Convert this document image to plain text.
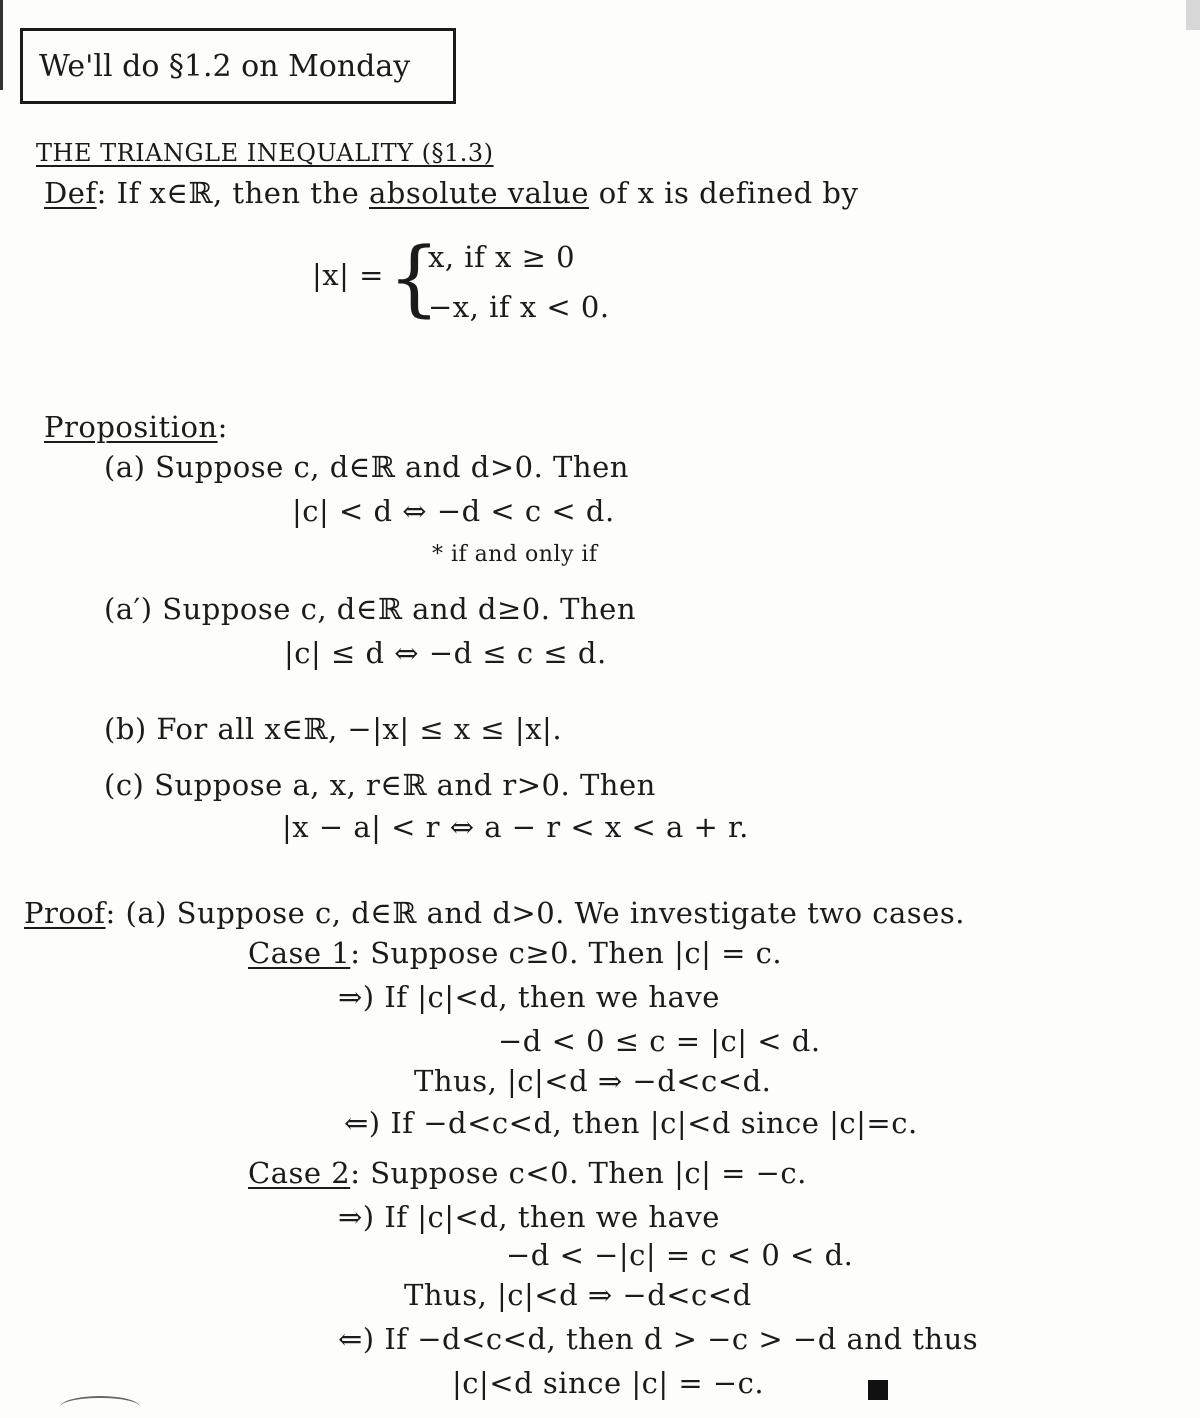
We'll do §1.2 on Monday
THE TRIANGLE INEQUALITY (§1.3)
Def: If x∈ℝ, then the absolute value of x is defined by
|x| = {
x, if x ≥ 0
−x, if x < 0.
Proposition:
(a) Suppose c, d∈ℝ and d>0. Then
|c| < d ⇔ −d < c < d.
* if and only if
(a′) Suppose c, d∈ℝ and d≥0. Then
|c| ≤ d ⇔ −d ≤ c ≤ d.
(b) For all x∈ℝ, −|x| ≤ x ≤ |x|.
(c) Suppose a, x, r∈ℝ and r>0. Then
|x − a| < r ⇔ a − r < x < a + r.
Proof: (a) Suppose c, d∈ℝ and d>0. We investigate two cases.
Case 1: Suppose c≥0. Then |c| = c.
⇒) If |c|<d, then we have
−d < 0 ≤ c = |c| < d.
Thus, |c|<d ⇒ −d<c<d.
⇐) If −d<c<d, then |c|<d since |c|=c.
Case 2: Suppose c<0. Then |c| = −c.
⇒) If |c|<d, then we have
−d < −|c| = c < 0 < d.
Thus, |c|<d ⇒ −d<c<d
⇐) If −d<c<d, then d > −c > −d and thus
|c|<d since |c| = −c.
